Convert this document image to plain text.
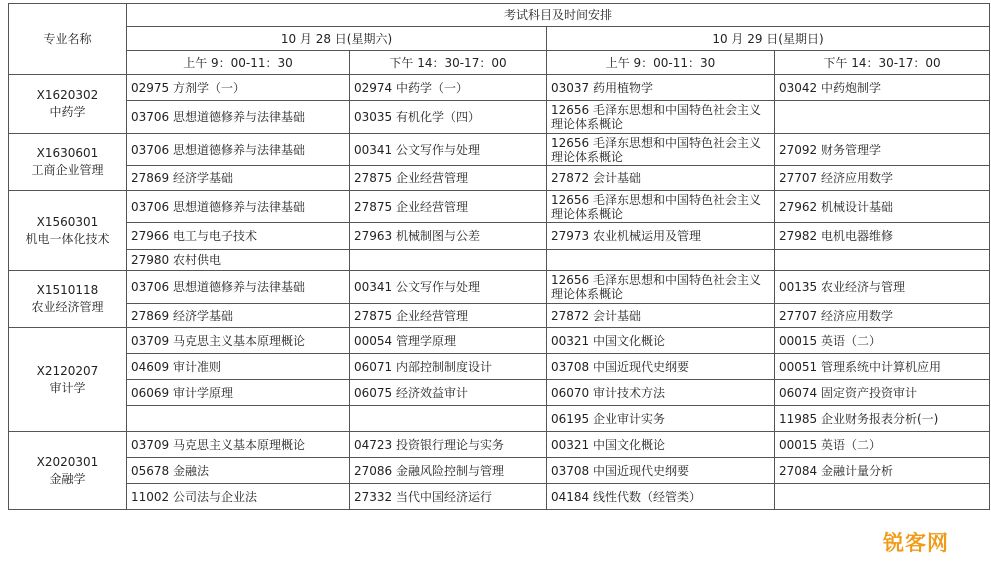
专业名称	考试科目及时间安排			
	10 月 28 日(星期六)		10 月 29 日(星期日)	
	上午 9：00-11：30	下午 14：30-17：00	上午 9：00-11：30	下午 14：30-17：00

X1620302
中药学	02975 方剂学（一）	02974 中药学（一）	03037 药用植物学	03042 中药炮制学
	03706 思想道德修养与法律基础	03035 有机化学（四）	12656 毛泽东思想和中国特色社会主义理论体系概论	

X1630601
工商企业管理	03706 思想道德修养与法律基础	00341 公文写作与处理	12656 毛泽东思想和中国特色社会主义理论体系概论	27092 财务管理学
	27869 经济学基础	27875 企业经营管理	27872 会计基础	27707 经济应用数学

X1560301
机电一体化技术	03706 思想道德修养与法律基础	27875 企业经营管理	12656 毛泽东思想和中国特色社会主义理论体系概论	27962 机械设计基础
	27966 电工与电子技术	27963 机械制图与公差	27973 农业机械运用及管理	27982 电机电器维修
	27980 农村供电			

X1510118
农业经济管理	03706 思想道德修养与法律基础	00341 公文写作与处理	12656 毛泽东思想和中国特色社会主义理论体系概论	00135 农业经济与管理
	27869 经济学基础	27875 企业经营管理	27872 会计基础	27707 经济应用数学

X2120207
审计学	03709 马克思主义基本原理概论	00054 管理学原理	00321 中国文化概论	00015 英语（二）
	04609 审计准则	06071 内部控制制度设计	03708 中国近现代史纲要	00051 管理系统中计算机应用
	06069 审计学原理	06075 经济效益审计	06070 审计技术方法	06074 固定资产投资审计
			06195 企业审计实务	11985 企业财务报表分析(一)

X2020301
金融学	03709 马克思主义基本原理概论	04723 投资银行理论与实务	00321 中国文化概论	00015 英语（二）
	05678 金融法	27086 金融风险控制与管理	03708 中国近现代史纲要	27084 金融计量分析
	11002 公司法与企业法	27332 当代中国经济运行	04184 线性代数（经管类）	
锐客网
